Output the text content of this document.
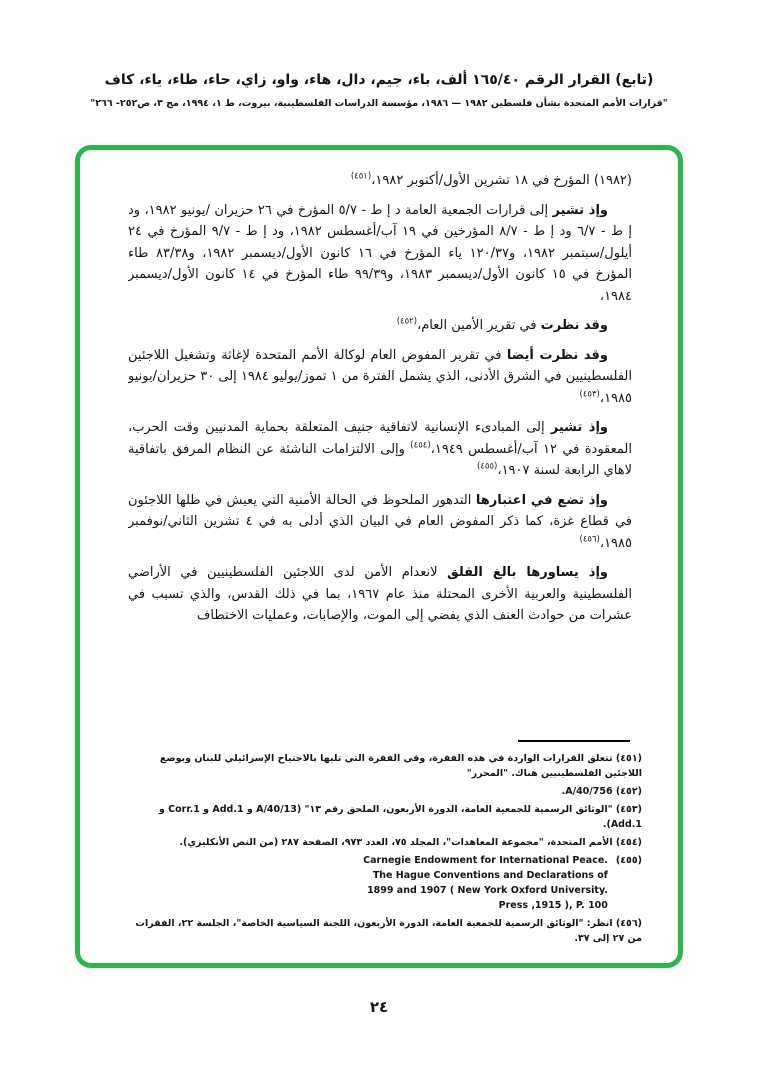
(تابع) القرار الرقم ١٦٥/٤٠ ألف، باء، جيم، دال، هاء، واو، زاي، حاء، طاء، ياء، كاف
"قرارات الأمم المتحدة بشأن فلسطين ١٩٨٢ — ١٩٨٦، مؤسسة الدراسات الفلسطينية، بيروت، ط ١، ١٩٩٤، مج ٣، ص٢٥٢- ٢٦٦"

(١٩٨٢) المؤرخ في ١٨ تشرين الأول/أكتوبر ١٩٨٢،$^{(٤٥١)}$

وإذ تشير إلى قرارات الجمعية العامة د إ ط - ٥/٧ المؤرخ في ٢٦ حزيران /يونيو ١٩٨٢، ود إ ط - ٦/٧ ود إ ط - ٨/٧ المؤرخين في ١٩ آب/أغسطس ١٩٨٢، ود إ ط - ٩/٧ المؤرخ في ٢٤ أيلول/سبتمبر ١٩٨٢، و١٢٠/٣٧ ياء المؤرخ في ١٦ كانون الأول/ديسمبر ١٩٨٢، و٨٣/٣٨ طاء المؤرخ في ١٥ كانون الأول/ديسمبر ١٩٨٣، و٩٩/٣٩ طاء المؤرخ في ١٤ كانون الأول/ديسمبر ١٩٨٤،

وقد نظرت في تقرير الأمين العام،$^{(٤٥٢)}$

وقد نظرت أيضا في تقرير المفوض العام لوكالة الأمم المتحدة لإغاثة وتشغيل اللاجئين الفلسطينيين في الشرق الأدنى، الذي يشمل الفترة من ١ تموز/يوليو ١٩٨٤ إلى ٣٠ حزيران/يونيو ١٩٨٥،$^{(٤٥٣)}$

وإذ تشير إلى المبادىء الإنسانية لاتفاقية جنيف المتعلقة بحماية المدنيين وقت الحرب، المعقودة في ١٢ آب/أغسطس ١٩٤٩،$^{(٤٥٤)}$ وإلى الالتزامات الناشئة عن النظام المرفق باتفاقية لاهاي الرابعة لسنة ١٩٠٧،$^{(٤٥٥)}$

وإذ تضع في اعتبارها التدهور الملحوظ في الحالة الأمنية التي يعيش في ظلها اللاجئون في قطاع غزة، كما ذكر المفوض العام في البيان الذي أدلى به في ٤ تشرين الثاني/نوفمبر ١٩٨٥،$^{(٤٥٦)}$

وإذ يساورها بالغ القلق لانعدام الأمن لدى اللاجئين الفلسطينيين في الأراضي الفلسطينية والعربية الأخرى المحتلة منذ عام ١٩٦٧، بما في ذلك القدس، والذي تسبب في عشرات من حوادث العنف الذي يفضي إلى الموت، والإصابات، وعمليات الاختطاف

(٤٥١) تتعلق القرارات الواردة في هذه الفقرة، وفي الفقرة التي تليها بالاجتياح الإسرائيلي للبنان وبوضع اللاجئين الفلسطينيين هناك. "المحرر"
(٤٥٢) A/40/756.
(٤٥٣) "الوثائق الرسمية للجمعية العامة، الدورة الأربعون، الملحق رقم ١٣" (A/40/13 و Add.1 و Corr.1 و Add.1).
(٤٥٤) الأمم المتحدة، "مجموعة المعاهدات"، المجلد ٧٥، العدد ٩٧٣، الصفحة ٢٨٧ (من النص الأنكليزي).
(٤٥٥)
Carnegie Endowment for International Peace.
The Hague Conventions and Declarations of
1899 and 1907 ( New York Oxford University.
Press ,1915 ), P. 100
(٤٥٦) انظر: "الوثائق الرسمية للجمعية العامة، الدورة الأربعون، اللجنة السياسية الخاصة"، الجلسة ٢٢، الفقرات من ٢٧ إلى ٣٧.
٢٤
